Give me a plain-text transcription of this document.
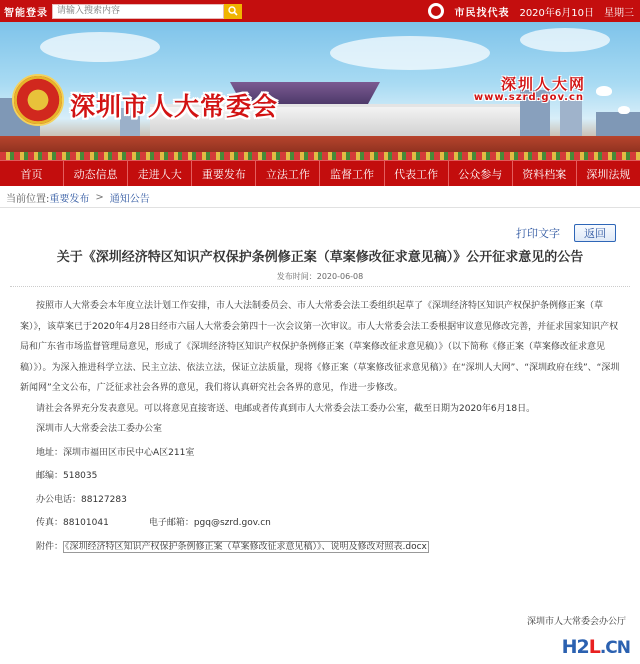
智能登录
请输入搜索内容	市民找代表 2020年6月10日 星期三
深圳市人大常委会
深圳人大网
www.szrd.gov.cn
首页	动态信息	走进人大	重要发布	立法工作	监督工作	代表工作	公众参与	资料档案	深圳法规
当前位置: 重要发布 > 通知公告
打印文字	返回
关于《深圳经济特区知识产权保护条例修正案（草案修改征求意见稿）》公开征求意见的公告
发布时间：2020-06-08

按照市人大常委会本年度立法计划工作安排，市人大法制委员会、市人大常委会法工委组织起草了《深圳经济特区知识产权保护条例修正案（草案）》，该草案已于2020年4月28日经市六届人大常委会第四十一次会议第一次审议。市人大常委会法工委根据审议意见修改完善，并征求国家知识产权局和广东省市场监督管理局意见，形成了《深圳经济特区知识产权保护条例修正案（草案修改征求意见稿）》（以下简称《修正案（草案修改征求意见稿）》）。为深入推进科学立法、民主立法、依法立法，保证立法质量，现将《修正案（草案修改征求意见稿）》在“深圳人大网”、“深圳政府在线”、“深圳新闻网”全文公布，广泛征求社会各界的意见，我们将认真研究社会各界的意见，作进一步修改。

请社会各界充分发表意见。可以将意见直接寄送、电邮或者传真到市人大常委会法工委办公室，截至日期为2020年6月18日。

深圳市人大常委会法工委办公室

地址：深圳市福田区市民中心A区211室

邮编：518035

办公电话：88127283

传真：88101041	电子邮箱：pgq@szrd.gov.cn

附件： 《深圳经济特区知识产权保护条例修正案（草案修改征求意见稿）》、说明及修改对照表.docx

深圳市人大常委会办公厅
H2L.CN
